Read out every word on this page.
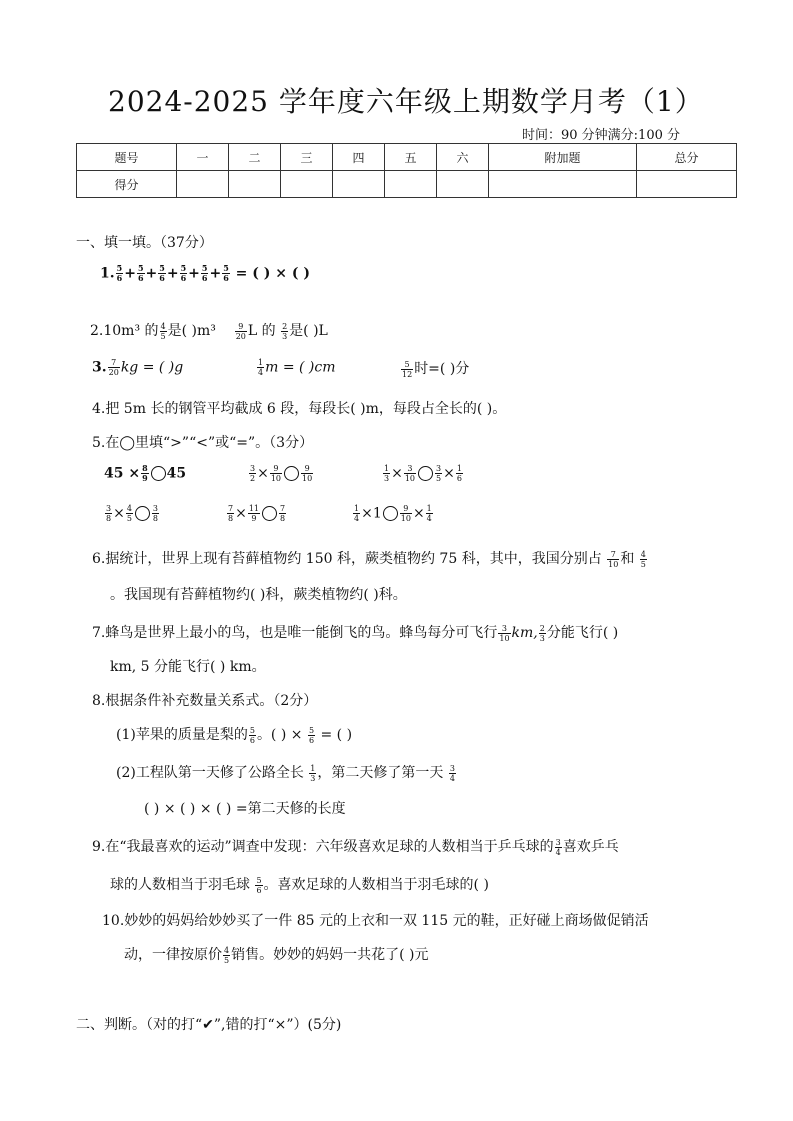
2024-2025 学年度六年级上期数学月考（1）
时间：90 分钟满分:100 分
题号	一	二	三	四	五	六	附加题	总分
得分								
一、填一填。（37分）
1. $\frac{5}{6} + \frac{5}{6} + \frac{5}{6} + \frac{5}{6} + \frac{5}{6} + \frac{5}{6}$ = ( ) × ( )
2.10m³ 的 $\frac{4}{5}$ 是( )$m^3 \frac{9}{20}$ L 的 $\frac{2}{3}$ 是( )L
3. $\frac{7}{20}$ kg = ( )g	$\frac{1}{4}$ m = ( )cm	$\frac{5}{12}$ 时=( )分
4.把 5m 长的钢管平均截成 6 段，每段长( )m，每段占全长的( )。
5.在◯里填“>”“<”或“=”。（3分）
$45 \times \frac{8}{9} 45$	$\frac{3}{2} \times \frac{9}{10} \frac{9}{10}$	$\frac{1}{3} \times \frac{3}{10} \frac{3}{5} \times \frac{1}{6}$
$\frac{3}{8} \times \frac{4}{5} \frac{3}{8}$	$\frac{7}{8} \times \frac{11}{9} \frac{7}{8}$	$\frac{1}{4} \times 1 \frac{9}{10} \times \frac{1}{4}$
6.据统计，世界上现有苔藓植物约 150 科，蕨类植物约 75 科，其中，我国分别占 $\frac{7}{10}$ 和 $\frac{4}{5}$
。我国现有苔藓植物约( )科，蕨类植物约( )科。
7.蜂鸟是世界上最小的鸟，也是唯一能倒飞的鸟。蜂鸟每分可飞行 $\frac{3}{10}$ km, $\frac{2}{3}$ 分能飞行( )
km, 5 分能飞行( ) km。
8.根据条件补充数量关系式。（2分）
(1)苹果的质量是梨的 $\frac{5}{6}$ 。( ) × $\frac{5}{6}$ = ( )
(2)工程队第一天修了公路全长 $\frac{1}{3}$ ，第二天修了第一天 $\frac{3}{4}$
( ) × ( ) × ( ) =第二天修的长度
9.在“我最喜欢的运动”调查中发现：六年级喜欢足球的人数相当于乒乓球的 $\frac{3}{4}$ 喜欢乒乓
球的人数相当于羽毛球 $\frac{5}{6}$ 。喜欢足球的人数相当于羽毛球的( )
10.妙妙的妈妈给妙妙买了一件 85 元的上衣和一双 115 元的鞋，正好碰上商场做促销活
动，一律按原价 $\frac{4}{5}$ 销售。妙妙的妈妈一共花了( )元
二、判断。（对的打“✔”,错的打“×”）(5分)
